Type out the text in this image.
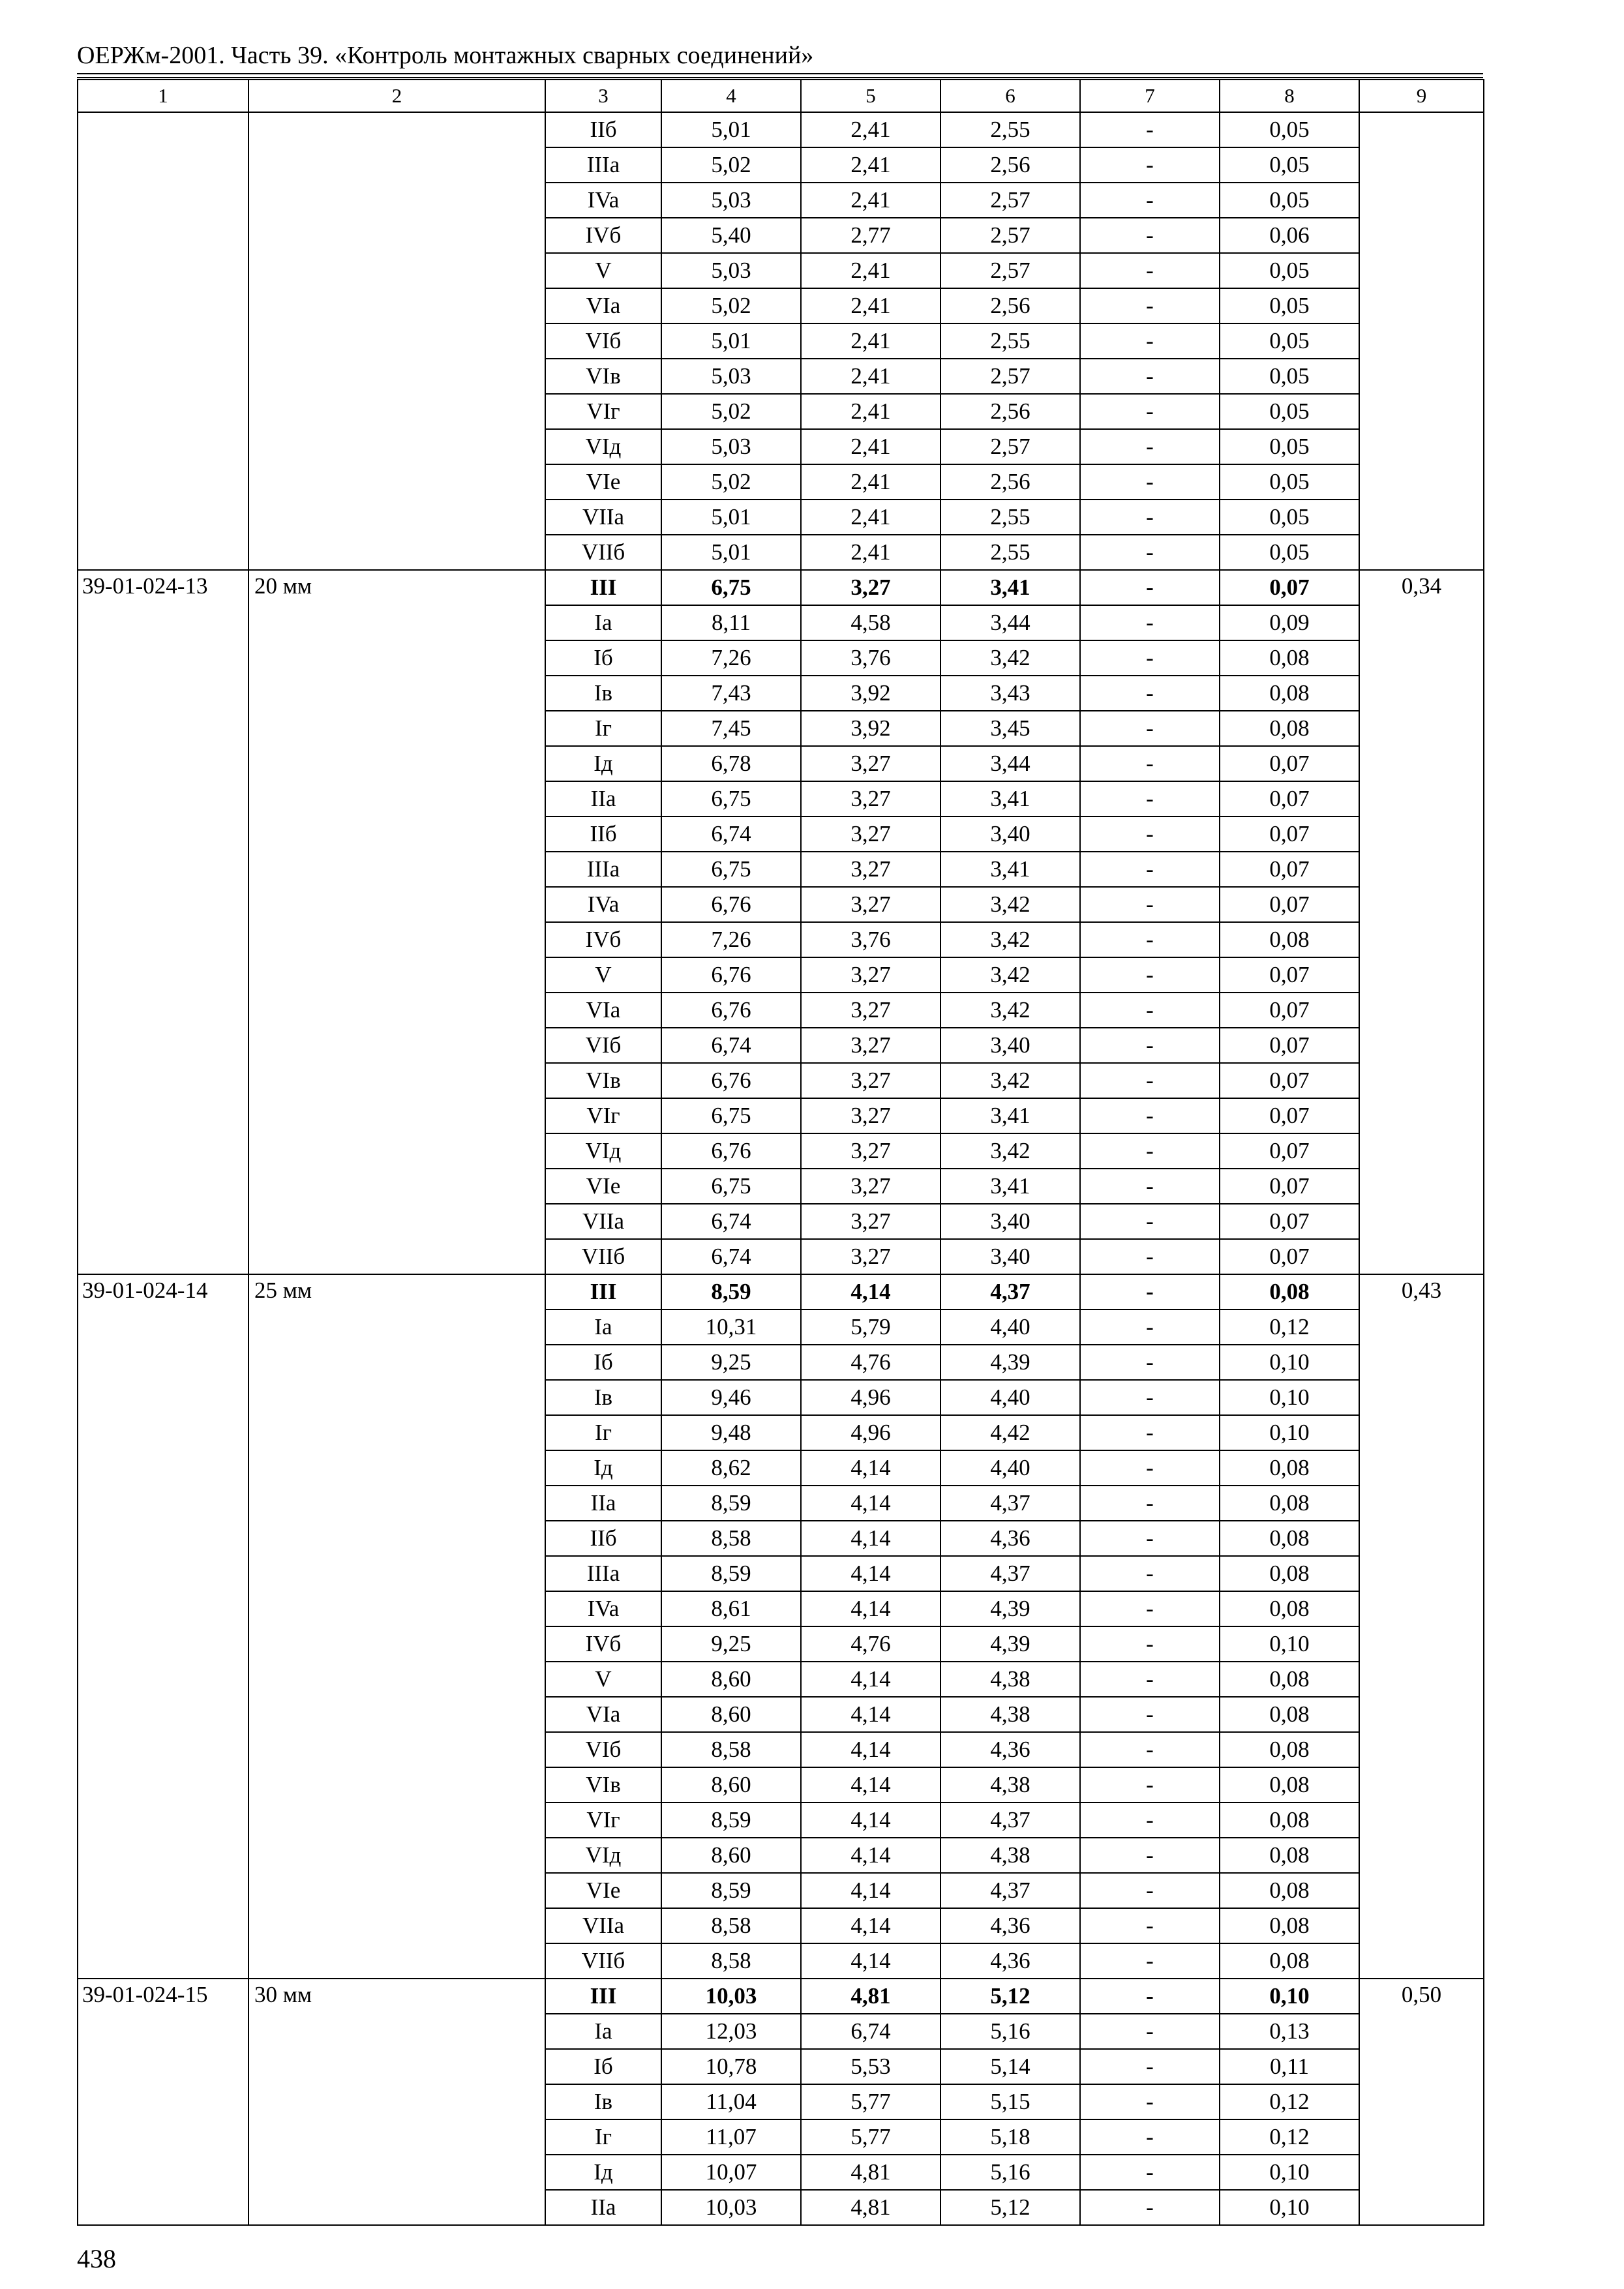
ОЕРЖм-2001. Часть 39. «Контроль монтажных сварных соединений»
1	2	3	4	5	6	7	8	9
		IIб	5,01	2,41	2,55	-	0,05	
		IIIa	5,02	2,41	2,56	-	0,05	
		IVa	5,03	2,41	2,57	-	0,05	
		IVб	5,40	2,77	2,57	-	0,06	
		V	5,03	2,41	2,57	-	0,05	
		VIa	5,02	2,41	2,56	-	0,05	
		VIб	5,01	2,41	2,55	-	0,05	
		VIв	5,03	2,41	2,57	-	0,05	
		VIг	5,02	2,41	2,56	-	0,05	
		VIд	5,03	2,41	2,57	-	0,05	
		VIe	5,02	2,41	2,56	-	0,05	
		VIIa	5,01	2,41	2,55	-	0,05	
		VIIб	5,01	2,41	2,55	-	0,05	
39-01-024-13	20 мм	III	6,75	3,27	3,41	-	0,07	0,34
		Ia	8,11	4,58	3,44	-	0,09	
		Iб	7,26	3,76	3,42	-	0,08	
		Iв	7,43	3,92	3,43	-	0,08	
		Iг	7,45	3,92	3,45	-	0,08	
		Iд	6,78	3,27	3,44	-	0,07	
		IIa	6,75	3,27	3,41	-	0,07	
		IIб	6,74	3,27	3,40	-	0,07	
		IIIa	6,75	3,27	3,41	-	0,07	
		IVa	6,76	3,27	3,42	-	0,07	
		IVб	7,26	3,76	3,42	-	0,08	
		V	6,76	3,27	3,42	-	0,07	
		VIa	6,76	3,27	3,42	-	0,07	
		VIб	6,74	3,27	3,40	-	0,07	
		VIв	6,76	3,27	3,42	-	0,07	
		VIг	6,75	3,27	3,41	-	0,07	
		VIд	6,76	3,27	3,42	-	0,07	
		VIe	6,75	3,27	3,41	-	0,07	
		VIIa	6,74	3,27	3,40	-	0,07	
		VIIб	6,74	3,27	3,40	-	0,07	
39-01-024-14	25 мм	III	8,59	4,14	4,37	-	0,08	0,43
		Ia	10,31	5,79	4,40	-	0,12	
		Iб	9,25	4,76	4,39	-	0,10	
		Iв	9,46	4,96	4,40	-	0,10	
		Iг	9,48	4,96	4,42	-	0,10	
		Iд	8,62	4,14	4,40	-	0,08	
		IIa	8,59	4,14	4,37	-	0,08	
		IIб	8,58	4,14	4,36	-	0,08	
		IIIa	8,59	4,14	4,37	-	0,08	
		IVa	8,61	4,14	4,39	-	0,08	
		IVб	9,25	4,76	4,39	-	0,10	
		V	8,60	4,14	4,38	-	0,08	
		VIa	8,60	4,14	4,38	-	0,08	
		VIб	8,58	4,14	4,36	-	0,08	
		VIв	8,60	4,14	4,38	-	0,08	
		VIг	8,59	4,14	4,37	-	0,08	
		VIд	8,60	4,14	4,38	-	0,08	
		VIe	8,59	4,14	4,37	-	0,08	
		VIIa	8,58	4,14	4,36	-	0,08	
		VIIб	8,58	4,14	4,36	-	0,08	
39-01-024-15	30 мм	III	10,03	4,81	5,12	-	0,10	0,50
		Ia	12,03	6,74	5,16	-	0,13	
		Iб	10,78	5,53	5,14	-	0,11	
		Iв	11,04	5,77	5,15	-	0,12	
		Iг	11,07	5,77	5,18	-	0,12	
		Iд	10,07	4,81	5,16	-	0,10	
		IIa	10,03	4,81	5,12	-	0,10	
438
